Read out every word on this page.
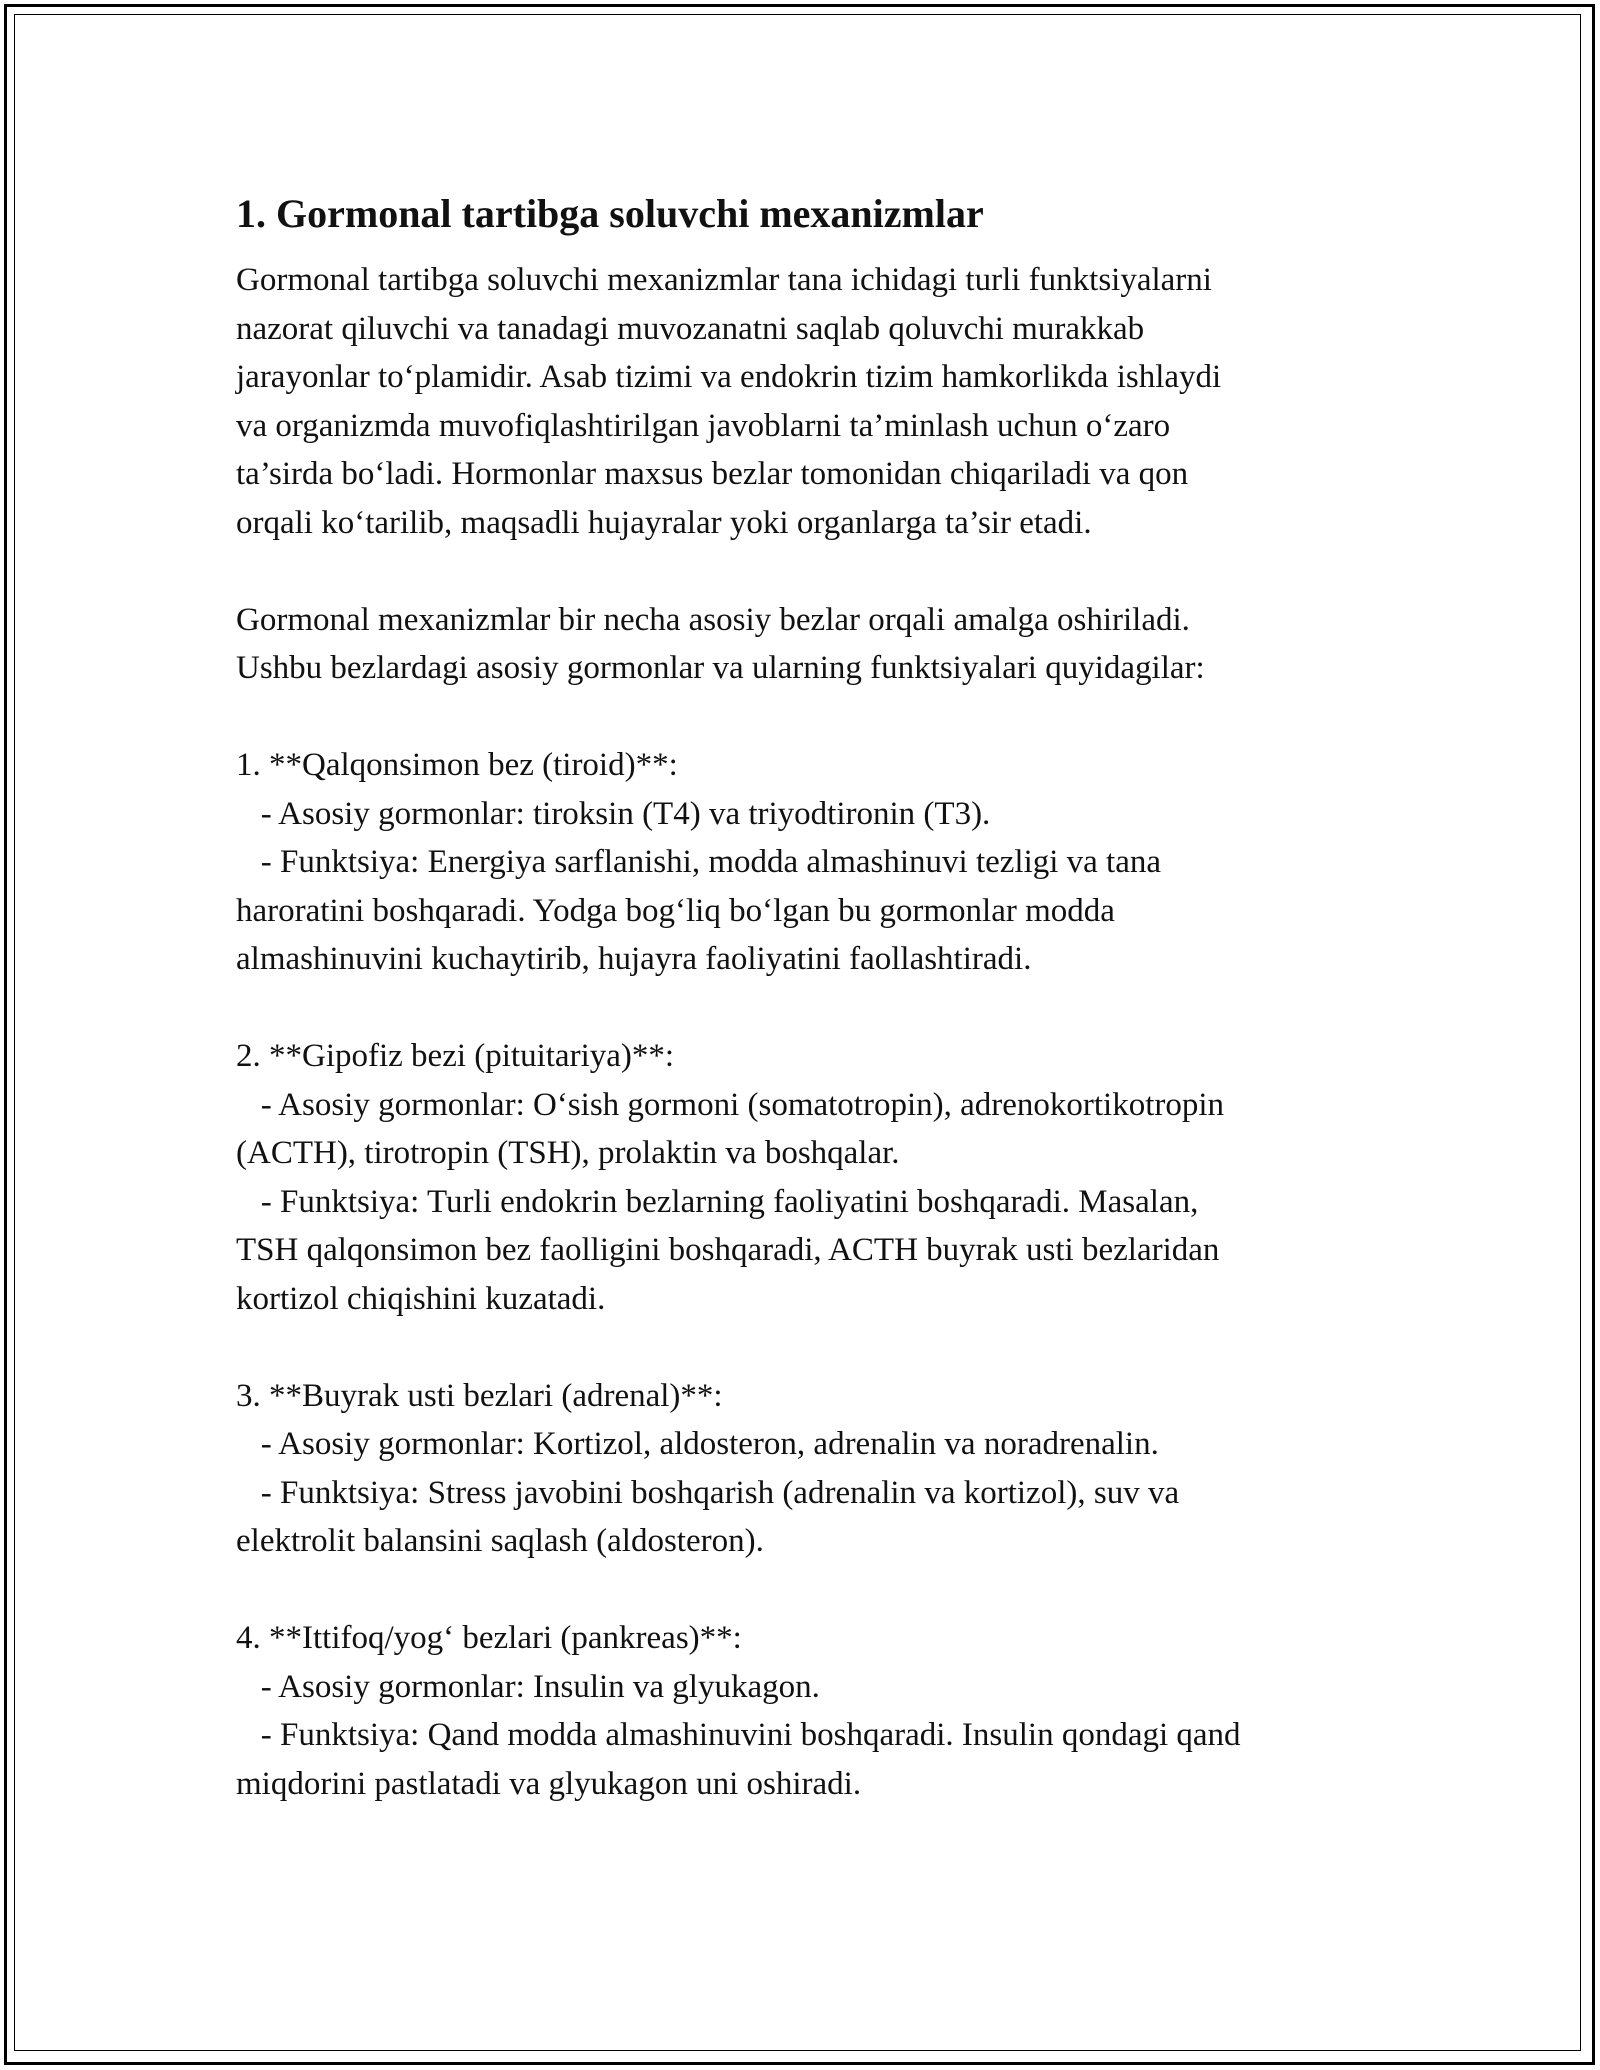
1. Gormonal tartibga soluvchi mexanizmlar

Gormonal tartibga soluvchi mexanizmlar tana ichidagi turli funktsiyalarni

nazorat qiluvchi va tanadagi muvozanatni saqlab qoluvchi murakkab

jarayonlar to‘plamidir. Asab tizimi va endokrin tizim hamkorlikda ishlaydi

va organizmda muvofiqlashtirilgan javoblarni ta’minlash uchun o‘zaro

ta’sirda bo‘ladi. Hormonlar maxsus bezlar tomonidan chiqariladi va qon

orqali ko‘tarilib, maqsadli hujayralar yoki organlarga ta’sir etadi.

Gormonal mexanizmlar bir necha asosiy bezlar orqali amalga oshiriladi.

Ushbu bezlardagi asosiy gormonlar va ularning funktsiyalari quyidagilar:

1. **Qalqonsimon bez (tiroid)**:

- Asosiy gormonlar: tiroksin (T4) va triyodtironin (T3).

- Funktsiya: Energiya sarflanishi, modda almashinuvi tezligi va tana

haroratini boshqaradi. Yodga bog‘liq bo‘lgan bu gormonlar modda

almashinuvini kuchaytirib, hujayra faoliyatini faollashtiradi.

2. **Gipofiz bezi (pituitariya)**:

- Asosiy gormonlar: O‘sish gormoni (somatotropin), adrenokortikotropin

(ACTH), tirotropin (TSH), prolaktin va boshqalar.

- Funktsiya: Turli endokrin bezlarning faoliyatini boshqaradi. Masalan,

TSH qalqonsimon bez faolligini boshqaradi, ACTH buyrak usti bezlaridan

kortizol chiqishini kuzatadi.

3. **Buyrak usti bezlari (adrenal)**:

- Asosiy gormonlar: Kortizol, aldosteron, adrenalin va noradrenalin.

- Funktsiya: Stress javobini boshqarish (adrenalin va kortizol), suv va

elektrolit balansini saqlash (aldosteron).

4. **Ittifoq/yog‘ bezlari (pankreas)**:

- Asosiy gormonlar: Insulin va glyukagon.

- Funktsiya: Qand modda almashinuvini boshqaradi. Insulin qondagi qand

miqdorini pastlatadi va glyukagon uni oshiradi.
